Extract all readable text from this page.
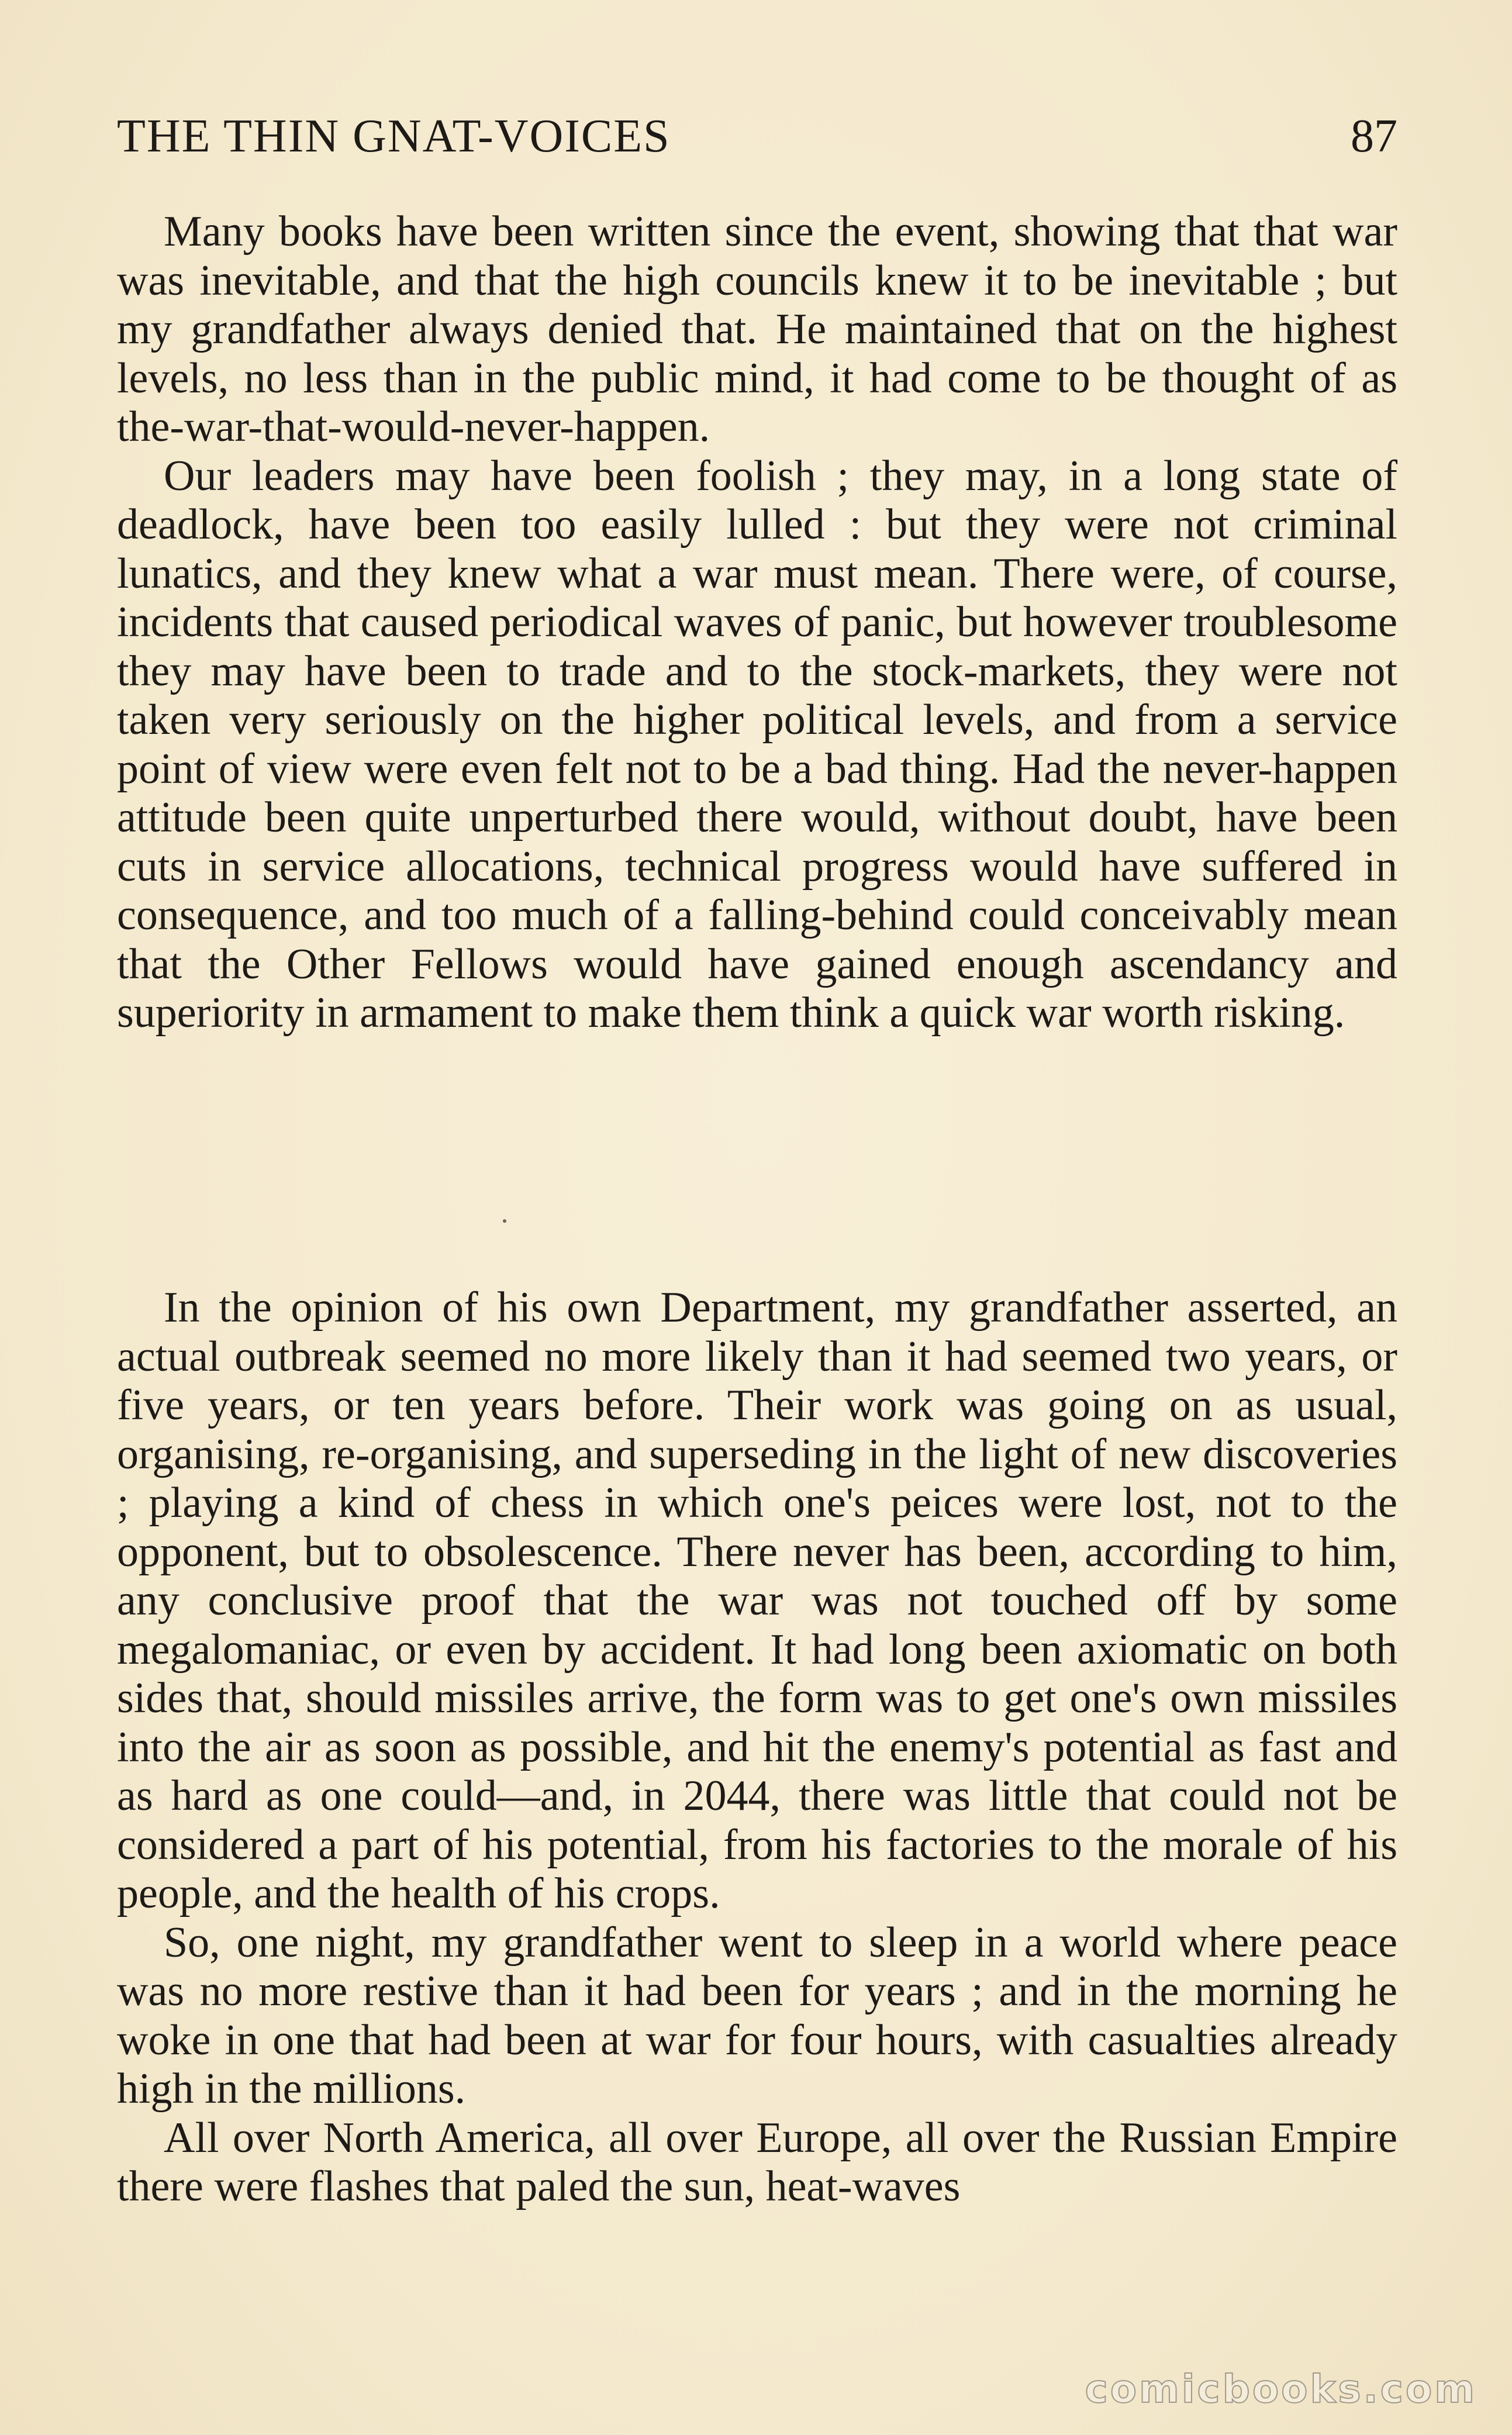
THE THIN GNAT-VOICES	87

Many books have been written since the event, showing that that war was inevitable, and that the high councils knew it to be inevitable ; but my grandfather always denied that. He maintained that on the highest levels, no less than in the public mind, it had come to be thought of as the-war-that-would-never-happen.

Our leaders may have been foolish ; they may, in a long state of deadlock, have been too easily lulled : but they were not criminal lunatics, and they knew what a war must mean. There were, of course, incidents that caused periodical waves of panic, but however troublesome they may have been to trade and to the stock-markets, they were not taken very seriously on the higher political levels, and from a service point of view were even felt not to be a bad thing. Had the never-happen attitude been quite unperturbed there would, without doubt, have been cuts in service allocations, technical progress would have suffered in consequence, and too much of a falling-behind could conceivably mean that the Other Fellows would have gained enough ascendancy and superiority in armament to make them think a quick war worth risking.

In the opinion of his own Department, my grandfather asserted, an actual outbreak seemed no more likely than it had seemed two years, or five years, or ten years before. Their work was going on as usual, organising, re-organising, and superseding in the light of new discoveries ; playing a kind of chess in which one's peices were lost, not to the opponent, but to obsolescence. There never has been, according to him, any conclusive proof that the war was not touched off by some megalomaniac, or even by accident. It had long been axiomatic on both sides that, should missiles arrive, the form was to get one's own missiles into the air as soon as possible, and hit the enemy's potential as fast and as hard as one could—and, in 2044, there was little that could not be considered a part of his potential, from his factories to the morale of his people, and the health of his crops.

So, one night, my grandfather went to sleep in a world where peace was no more restive than it had been for years ; and in the morning he woke in one that had been at war for four hours, with casualties already high in the millions.

All over North America, all over Europe, all over the Russian Empire there were flashes that paled the sun, heat-waves

comicbooks.com
